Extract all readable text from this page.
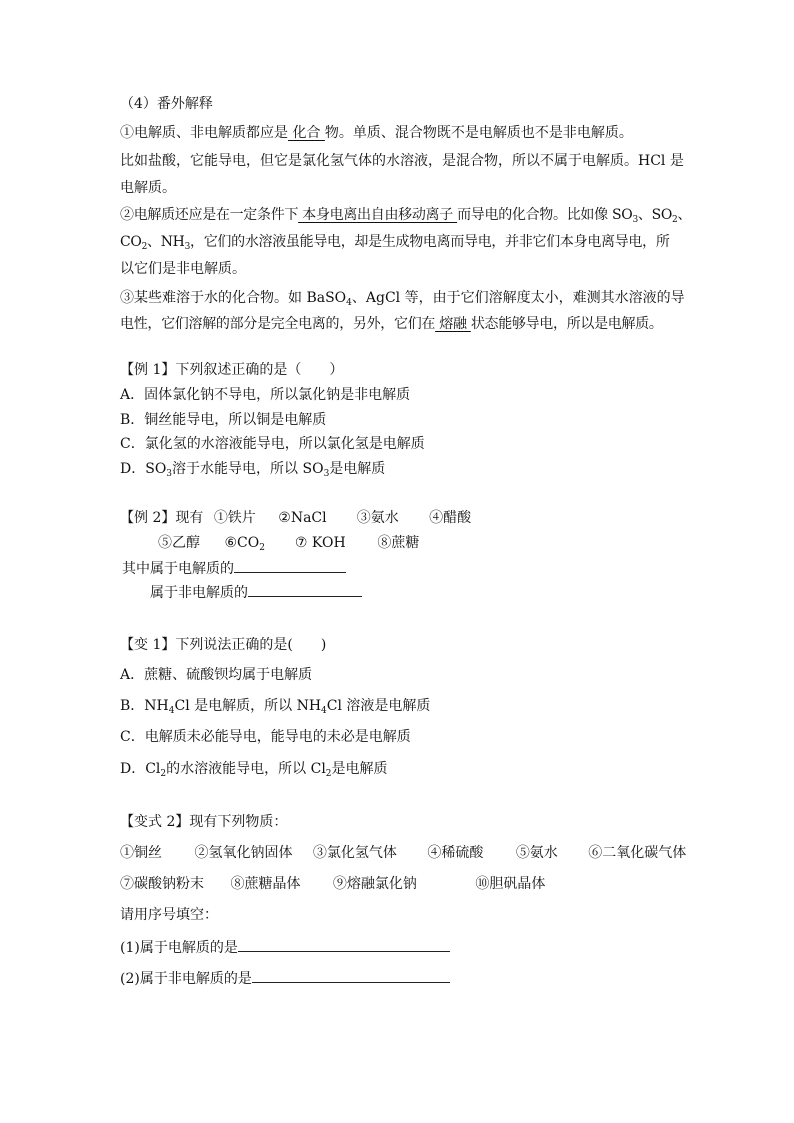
（4）番外解释
①电解质、非电解质都应是 化合 物。单质、混合物既不是电解质也不是非电解质。
比如盐酸，它能导电，但它是氯化氢气体的水溶液，是混合物，所以不属于电解质。HCl 是
电解质。
②电解质还应是在一定条件下 本身电离出自由移动离子 而导电的化合物。比如像 $SO_3$、$SO_2$、
$CO_2$、$NH_3$，它们的水溶液虽能导电，却是生成物电离而导电，并非它们本身电离导电，所
以它们是非电解质。
③某些难溶于水的化合物。如 BaSO$_4$、AgCl 等，由于它们溶解度太小，难测其水溶液的导
电性，它们溶解的部分是完全电离的，另外，它们在 熔融 状态能够导电，所以是电解质。
【例 1】下列叙述正确的是（　　）
A．固体氯化钠不导电，所以氯化钠是非电解质
B．铜丝能导电，所以铜是电解质
C．氯化氢的水溶液能导电，所以氯化氢是电解质
D．$SO_3$溶于水能导电，所以 $SO_3$是电解质
【例 2】现有 ①铁片 ②NaCl ③氨水 ④醋酸
⑤乙醇 $⑥CO_2$ ⑦ KOH ⑧蔗糖
其中属于电解质的
属于非电解质的
【变 1】下列说法正确的是(　　)
A．蔗糖、硫酸钡均属于电解质
B．$NH_4Cl$ 是电解质，所以 $NH_4Cl$ 溶液是电解质
C．电解质未必能导电，能导电的未必是电解质
D．$Cl_2$的水溶液能导电，所以 $Cl_2$是电解质
【变式 2】现有下列物质：
①铜丝 ②氢氧化钠固体 ③氯化氢气体 ④稀硫酸 ⑤氨水 ⑥二氧化碳气体
⑦碳酸钠粉末 ⑧蔗糖晶体 ⑨熔融氯化钠	⑩胆矾晶体
请用序号填空：
(1)属于电解质的是
(2)属于非电解质的是
